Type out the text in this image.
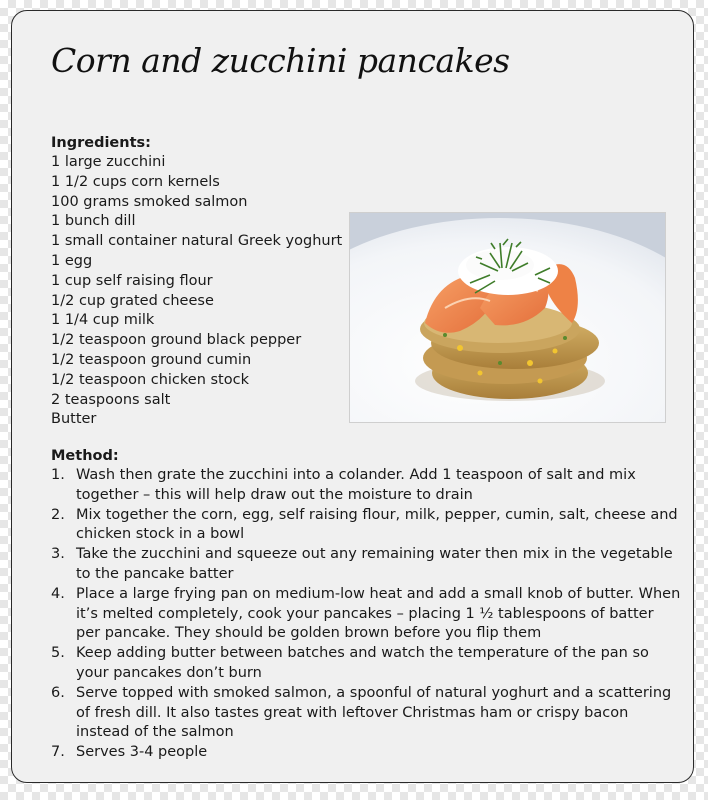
Corn and zucchini pancakes

Ingredients:

1 large zucchini
1 1/2 cups corn kernels
100 grams smoked salmon
1 bunch dill
1 small container natural Greek yoghurt
1 egg
1 cup self raising flour
1/2 cup grated cheese
1 1/4 cup milk
1/2 teaspoon ground black pepper
1/2 teaspoon ground cumin
1/2 teaspoon chicken stock
2 teaspoons salt
Butter

Method:

1. Wash then grate the zucchini into a colander. Add 1 teaspoon of salt and mix together – this will help draw out the moisture to drain
2. Mix together the corn, egg, self raising flour, milk, pepper, cumin, salt, cheese and chicken stock in a bowl
3. Take the zucchini and squeeze out any remaining water then mix in the vegetable to the pancake batter
4. Place a large frying pan on medium-low heat and add a small knob of butter. When it’s melted completely, cook your pancakes – placing 1 ½ tablespoons of batter per pancake. They should be golden brown before you flip them
5. Keep adding butter between batches and watch the temperature of the pan so your pancakes don’t burn
6. Serve topped with smoked salmon, a spoonful of natural yoghurt and a scattering of fresh dill. It also tastes great with leftover Christmas ham or crispy bacon instead of the salmon
7. Serves 3-4 people
